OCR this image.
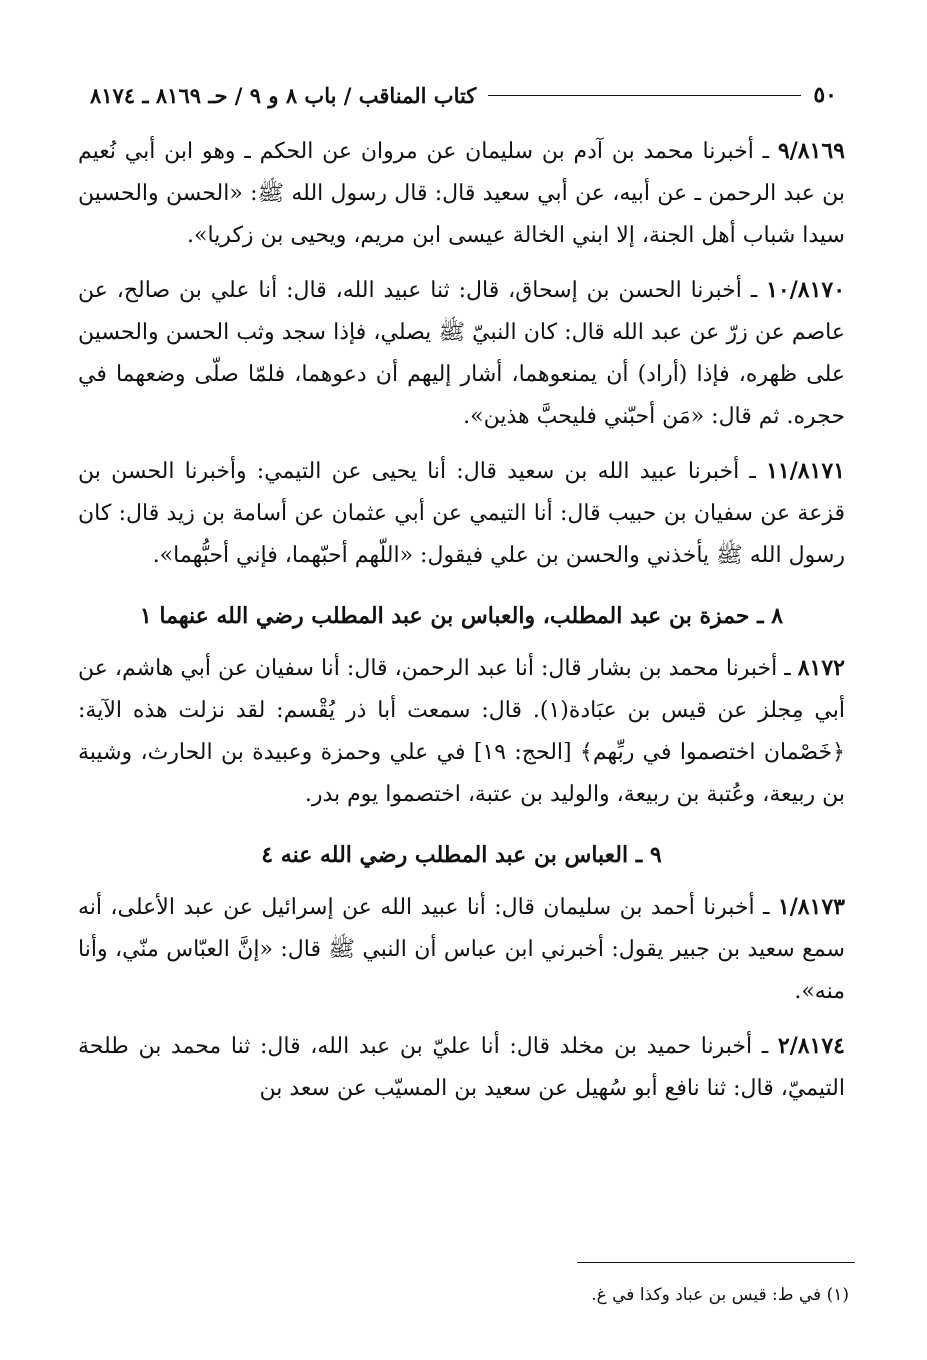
٥٠
كتاب المناقب / باب ٨ و ٩ / حـ ٨١٦٩ ـ ٨١٧٤

٩/٨١٦٩ ـ أخبرنا محمد بن آدم بن سليمان عن مروان عن الحكم ـ وهو ابن أبي نُعيم بن عبد الرحمن ـ عن أبيه، عن أبي سعيد قال: قال رسول الله ﷺ: «الحسن والحسين سيدا شباب أهل الجنة، إلا ابني الخالة عيسى ابن مريم، ويحيى بن زكريا».

١٠/٨١٧٠ ـ أخبرنا الحسن بن إسحاق، قال: ثنا عبيد الله، قال: أنا علي بن صالح، عن عاصم عن زرّ عن عبد الله قال: كان النبيّ ﷺ يصلي، فإذا سجد وثب الحسن والحسين على ظهره، فإذا (أراد) أن يمنعوهما، أشار إليهم أن دعوهما، فلمّا صلّى وضعهما في حجره. ثم قال: «مَن أحبّني فليحبَّ هذين».

١١/٨١٧١ ـ أخبرنا عبيد الله بن سعيد قال: أنا يحيى عن التيمي: وأخبرنا الحسن بن قزعة عن سفيان بن حبيب قال: أنا التيمي عن أبي عثمان عن أسامة بن زيد قال: كان رسول الله ﷺ يأخذني والحسن بن علي فيقول: «اللّهم أحبّهما، فإني أحبُّهما».

٨ ـ حمزة بن عبد المطلب، والعباس بن عبد المطلب رضي الله عنهما ١

٨١٧٢ ـ أخبرنا محمد بن بشار قال: أنا عبد الرحمن، قال: أنا سفيان عن أبي هاشم، عن أبي مِجلز عن قيس بن عبَادة(١). قال: سمعت أبا ذر يُقْسم: لقد نزلت هذه الآية: ﴿خَصْمان اختصموا في ربِّهم﴾ [الحج: ١٩] في علي وحمزة وعبيدة بن الحارث، وشيبة بن ربيعة، وعُتبة بن ربيعة، والوليد بن عتبة، اختصموا يوم بدر.

٩ ـ العباس بن عبد المطلب رضي الله عنه ٤

١/٨١٧٣ ـ أخبرنا أحمد بن سليمان قال: أنا عبيد الله عن إسرائيل عن عبد الأعلى، أنه سمع سعيد بن جبير يقول: أخبرني ابن عباس أن النبي ﷺ قال: «إنَّ العبّاس منّي، وأنا منه».

٢/٨١٧٤ ـ أخبرنا حميد بن مخلد قال: أنا عليّ بن عبد الله، قال: ثنا محمد بن طلحة التيميّ، قال: ثنا نافع أبو سُهيل عن سعيد بن المسيّب عن سعد بن

(١) في ط: قيس بن عباد وكذا في غ.
